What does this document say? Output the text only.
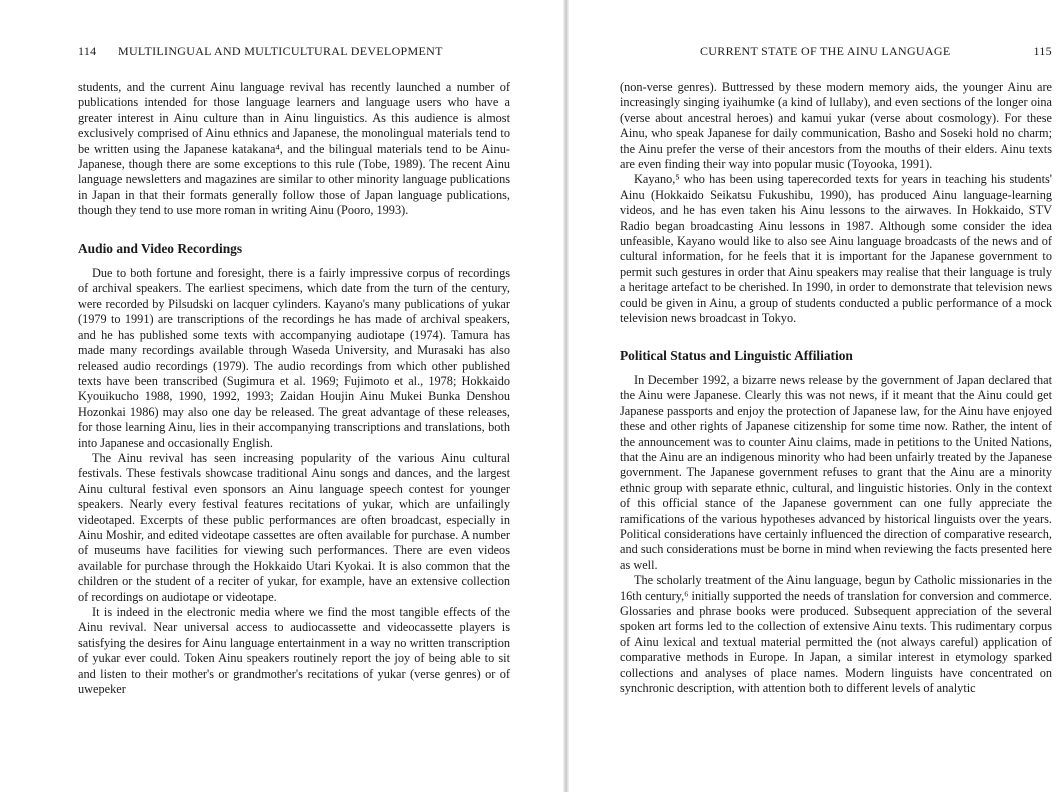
114 MULTILINGUAL AND MULTICULTURAL DEVELOPMENT

students, and the current Ainu language revival has recently launched a number of publications intended for those language learners and language users who have a greater interest in Ainu culture than in Ainu linguistics. As this audience is almost exclusively comprised of Ainu ethnics and Japanese, the monolingual materials tend to be written using the Japanese katakana⁴, and the bilingual materials tend to be Ainu-Japanese, though there are some exceptions to this rule (Tobe, 1989). The recent Ainu language newsletters and magazines are similar to other minority language publications in Japan in that their formats generally follow those of Japan language publications, though they tend to use more roman in writing Ainu (Pooro, 1993).

Audio and Video Recordings

Due to both fortune and foresight, there is a fairly impressive corpus of recordings of archival speakers. The earliest specimens, which date from the turn of the century, were recorded by Pilsudski on lacquer cylinders. Kayano's many publications of yukar (1979 to 1991) are transcriptions of the recordings he has made of archival speakers, and he has published some texts with accompanying audiotape (1974). Tamura has made many recordings available through Waseda University, and Murasaki has also released audio recordings (1979). The audio recordings from which other published texts have been transcribed (Sugimura et al. 1969; Fujimoto et al., 1978; Hokkaido Kyouikucho 1988, 1990, 1992, 1993; Zaidan Houjin Ainu Mukei Bunka Denshou Hozonkai 1986) may also one day be released. The great advantage of these releases, for those learning Ainu, lies in their accompanying transcriptions and translations, both into Japanese and occasionally English.

The Ainu revival has seen increasing popularity of the various Ainu cultural festivals. These festivals showcase traditional Ainu songs and dances, and the largest Ainu cultural festival even sponsors an Ainu language speech contest for younger speakers. Nearly every festival features recitations of yukar, which are unfailingly videotaped. Excerpts of these public performances are often broadcast, especially in Ainu Moshir, and edited videotape cassettes are often available for purchase. A number of museums have facilities for viewing such performances. There are even videos available for purchase through the Hokkaido Utari Kyokai. It is also common that the children or the student of a reciter of yukar, for example, have an extensive collection of recordings on audiotape or videotape.

It is indeed in the electronic media where we find the most tangible effects of the Ainu revival. Near universal access to audiocassette and videocassette players is satisfying the desires for Ainu language entertainment in a way no written transcription of yukar ever could. Token Ainu speakers routinely report the joy of being able to sit and listen to their mother's or grandmother's recitations of yukar (verse genres) or of uwepeker

CURRENT STATE OF THE AINU LANGUAGE	115

(non-verse genres). Buttressed by these modern memory aids, the younger Ainu are increasingly singing iyaihumke (a kind of lullaby), and even sections of the longer oina (verse about ancestral heroes) and kamui yukar (verse about cosmology). For these Ainu, who speak Japanese for daily communication, Basho and Soseki hold no charm; the Ainu prefer the verse of their ancestors from the mouths of their elders. Ainu texts are even finding their way into popular music (Toyooka, 1991).

Kayano,⁵ who has been using taperecorded texts for years in teaching his students' Ainu (Hokkaido Seikatsu Fukushibu, 1990), has produced Ainu language-learning videos, and he has even taken his Ainu lessons to the airwaves. In Hokkaido, STV Radio began broadcasting Ainu lessons in 1987. Although some consider the idea unfeasible, Kayano would like to also see Ainu language broadcasts of the news and of cultural information, for he feels that it is important for the Japanese government to permit such gestures in order that Ainu speakers may realise that their language is truly a heritage artefact to be cherished. In 1990, in order to demonstrate that television news could be given in Ainu, a group of students conducted a public performance of a mock television news broadcast in Tokyo.

Political Status and Linguistic Affiliation

In December 1992, a bizarre news release by the government of Japan declared that the Ainu were Japanese. Clearly this was not news, if it meant that the Ainu could get Japanese passports and enjoy the protection of Japanese law, for the Ainu have enjoyed these and other rights of Japanese citizenship for some time now. Rather, the intent of the announcement was to counter Ainu claims, made in petitions to the United Nations, that the Ainu are an indigenous minority who had been unfairly treated by the Japanese government. The Japanese government refuses to grant that the Ainu are a minority ethnic group with separate ethnic, cultural, and linguistic histories. Only in the context of this official stance of the Japanese government can one fully appreciate the ramifications of the various hypotheses advanced by historical linguists over the years. Political considerations have certainly influenced the direction of comparative research, and such considerations must be borne in mind when reviewing the facts presented here as well.

The scholarly treatment of the Ainu language, begun by Catholic missionaries in the 16th century,⁶ initially supported the needs of translation for conversion and commerce. Glossaries and phrase books were produced. Subsequent appreciation of the several spoken art forms led to the collection of extensive Ainu texts. This rudimentary corpus of Ainu lexical and textual material permitted the (not always careful) application of comparative methods in Europe. In Japan, a similar interest in etymology sparked collections and analyses of place names. Modern linguists have concentrated on synchronic description, with attention both to different levels of analytic
